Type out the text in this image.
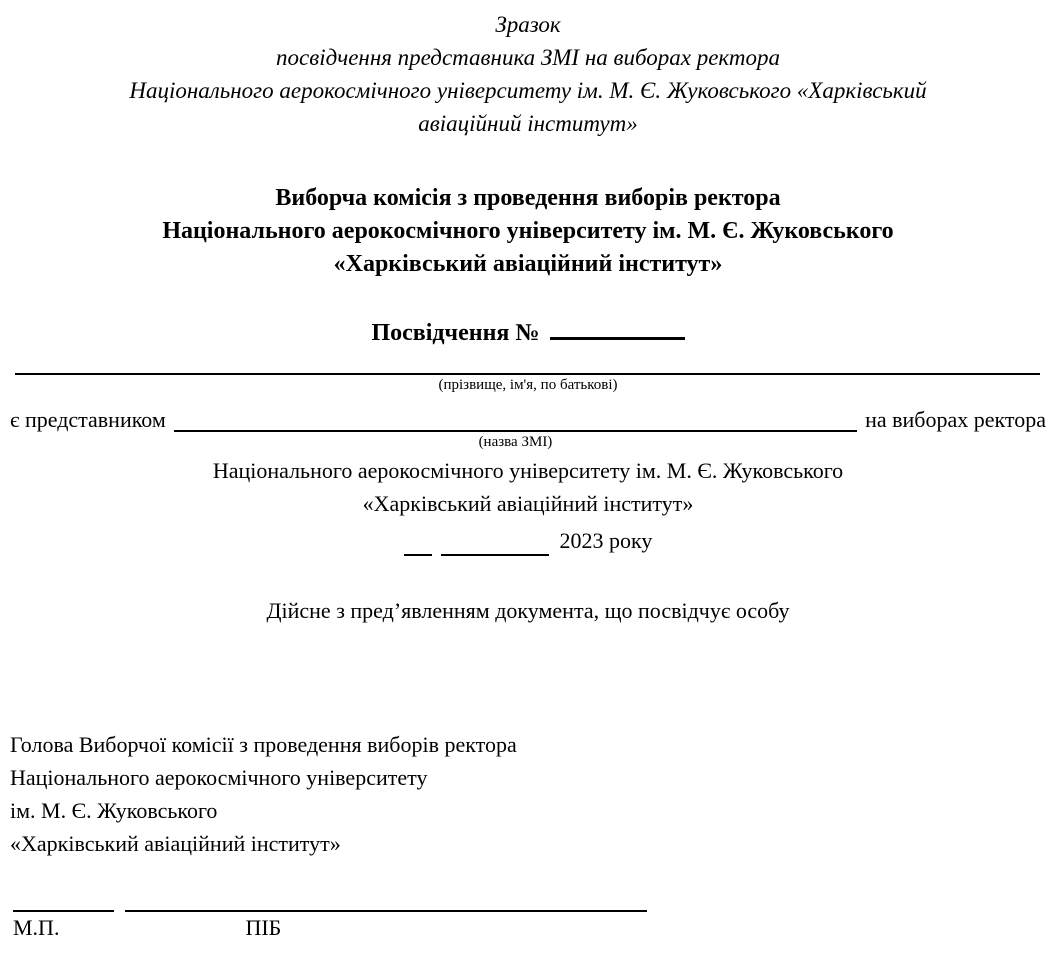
Зразок
посвідчення представника ЗМІ на виборах ректора
Національного аерокосмічного університету ім. М. Є. Жуковського «Харківський
авіаційний інститут»
Виборча комісія з проведення виборів ректора
Національного аерокосмічного університету ім. М. Є. Жуковського
«Харківський авіаційний інститут»
Посвідчення №
(прізвище, ім'я, по батькові)
є представником
(назва ЗМІ)
на виборах ректора
Національного аерокосмічного університету ім. М. Є. Жуковського
«Харківський авіаційний інститут»
2023 року
Дійсне з пред’явленням документа, що посвідчує особу
Голова Виборчої комісії з проведення виборів ректора
Національного аерокосмічного університету
ім. М. Є. Жуковського
«Харківський авіаційний інститут»
М.П.	ПІБ
